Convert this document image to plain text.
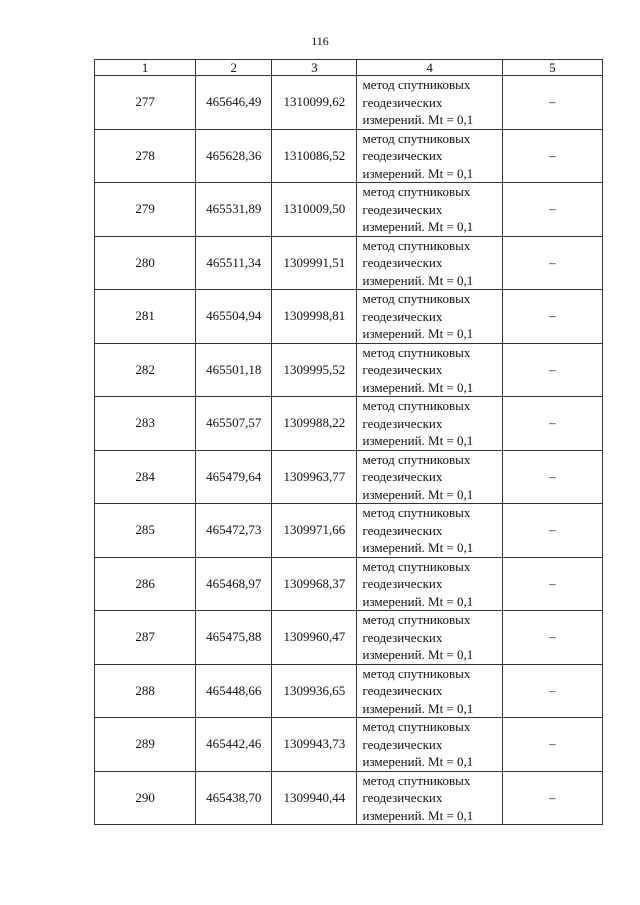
116
1	2	3	4	5
277	465646,49	1310099,62	метод спутниковых
геодезических
измерений. Mt = 0,1	–
278	465628,36	1310086,52	метод спутниковых
геодезических
измерений. Mt = 0,1	–
279	465531,89	1310009,50	метод спутниковых
геодезических
измерений. Mt = 0,1	–
280	465511,34	1309991,51	метод спутниковых
геодезических
измерений. Mt = 0,1	–
281	465504,94	1309998,81	метод спутниковых
геодезических
измерений. Mt = 0,1	–
282	465501,18	1309995,52	метод спутниковых
геодезических
измерений. Mt = 0,1	–
283	465507,57	1309988,22	метод спутниковых
геодезических
измерений. Mt = 0,1	–
284	465479,64	1309963,77	метод спутниковых
геодезических
измерений. Mt = 0,1	–
285	465472,73	1309971,66	метод спутниковых
геодезических
измерений. Mt = 0,1	–
286	465468,97	1309968,37	метод спутниковых
геодезических
измерений. Mt = 0,1	–
287	465475,88	1309960,47	метод спутниковых
геодезических
измерений. Mt = 0,1	–
288	465448,66	1309936,65	метод спутниковых
геодезических
измерений. Mt = 0,1	–
289	465442,46	1309943,73	метод спутниковых
геодезических
измерений. Mt = 0,1	–
290	465438,70	1309940,44	метод спутниковых
геодезических
измерений. Mt = 0,1	–
